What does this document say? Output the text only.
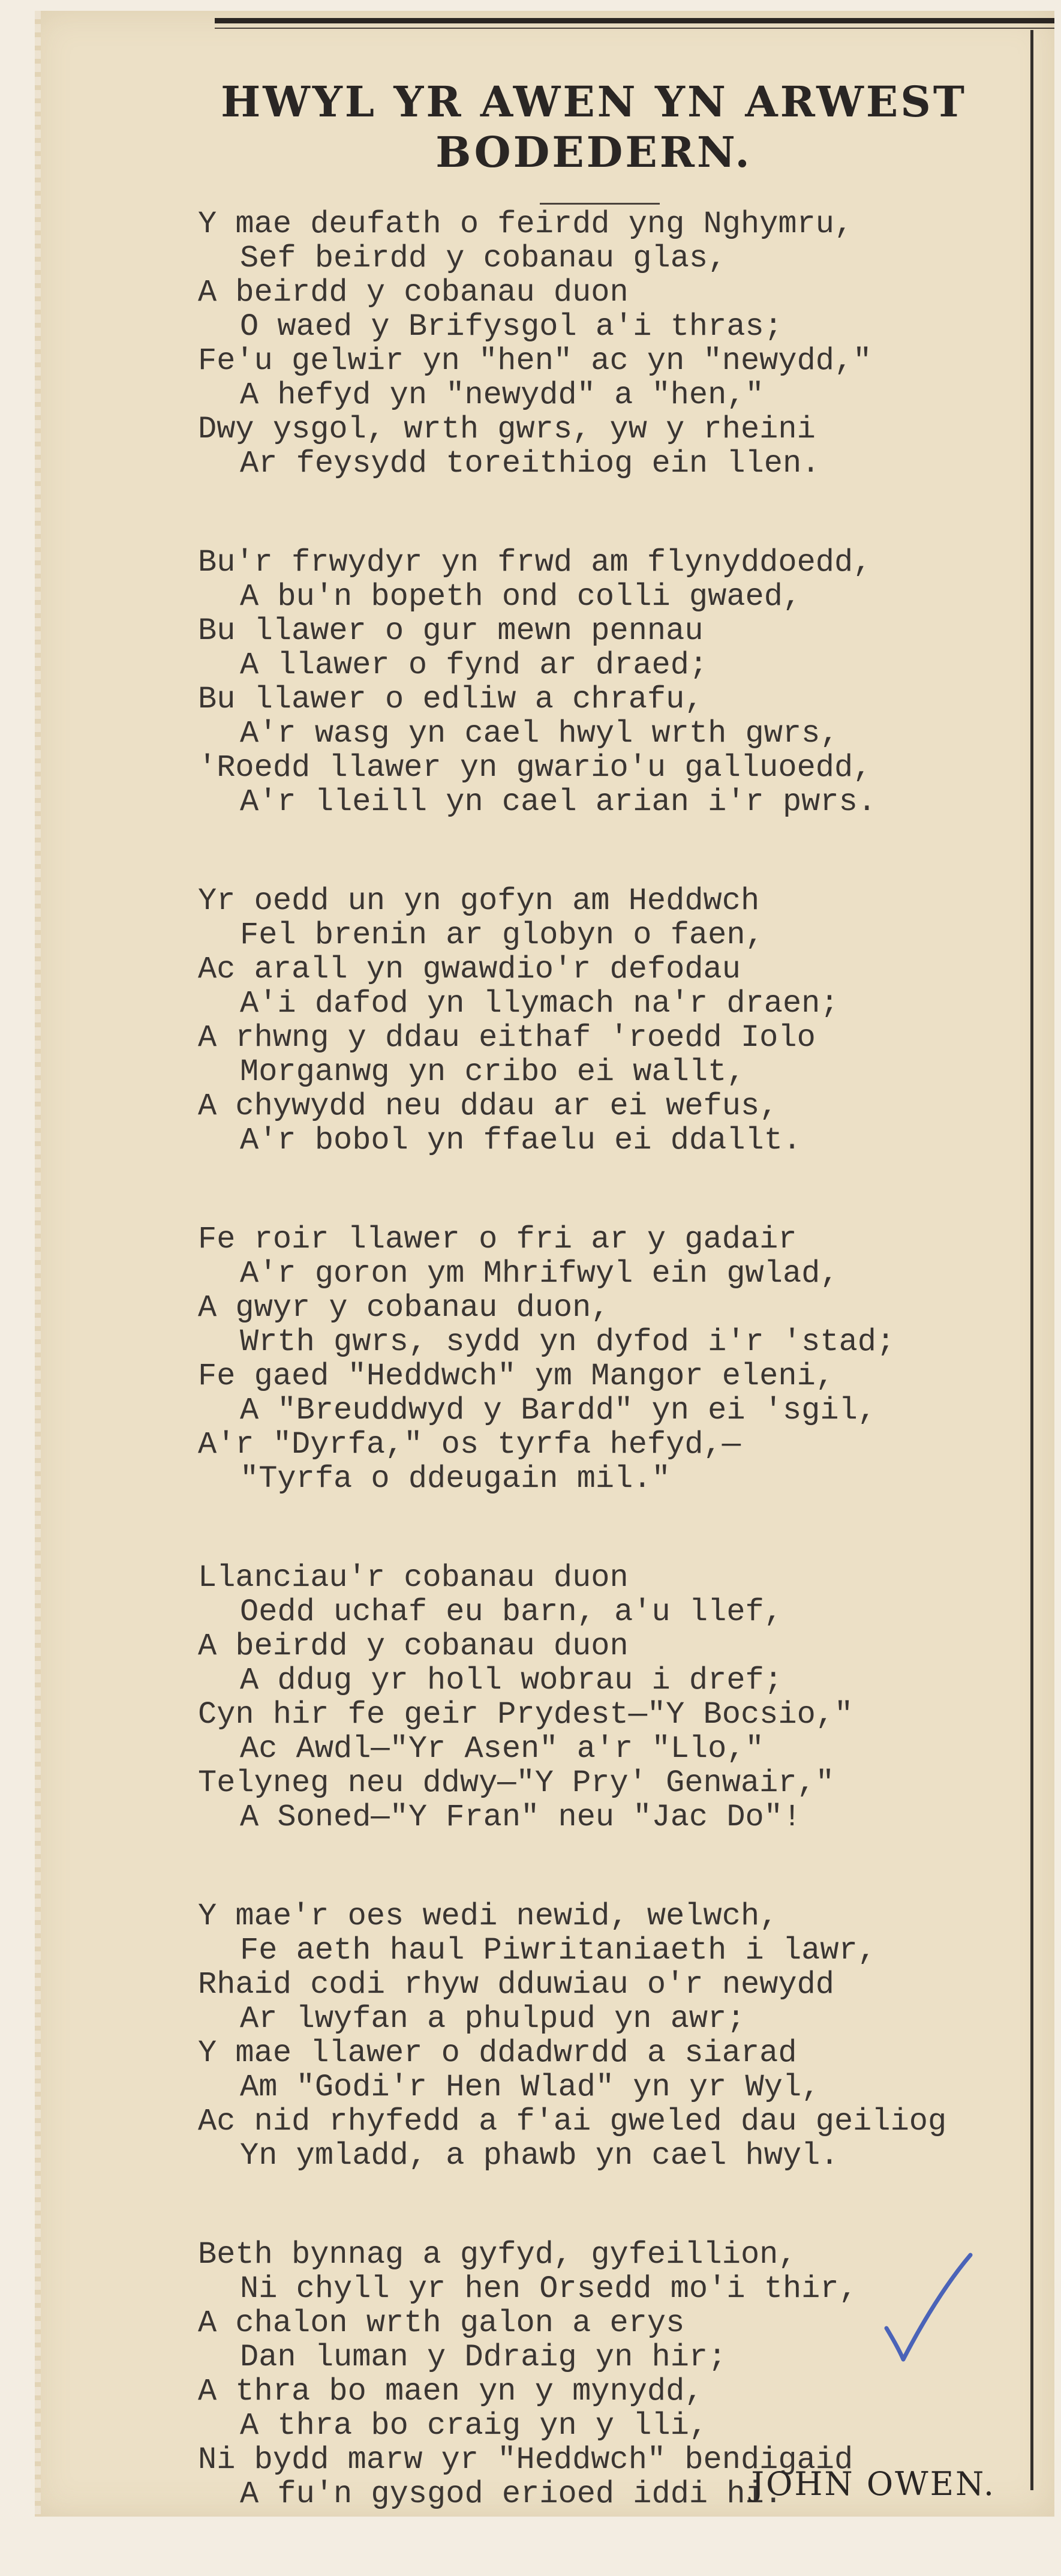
HWYL YR AWEN YN ARWEST
BODEDERN.
Y mae deufath o feirdd yng Nghymru,
Sef beirdd y cobanau glas,
A beirdd y cobanau duon
O waed y Brifysgol a'i thras;
Fe'u gelwir yn "hen" ac yn "newydd,"
A hefyd yn "newydd" a "hen,"
Dwy ysgol, wrth gwrs, yw y rheini
Ar feysydd toreithiog ein llen.
Bu'r frwydyr yn frwd am flynyddoedd,
A bu'n bopeth ond colli gwaed,
Bu llawer o gur mewn pennau
A llawer o fynd ar draed;
Bu llawer o edliw a chrafu,
A'r wasg yn cael hwyl wrth gwrs,
'Roedd llawer yn gwario'u galluoedd,
A'r lleill yn cael arian i'r pwrs.
Yr oedd un yn gofyn am Heddwch
Fel brenin ar globyn o faen,
Ac arall yn gwawdio'r defodau
A'i dafod yn llymach na'r draen;
A rhwng y ddau eithaf 'roedd Iolo
Morganwg yn cribo ei wallt,
A chywydd neu ddau ar ei wefus,
A'r bobol yn ffaelu ei ddallt.
Fe roir llawer o fri ar y gadair
A'r goron ym Mhrifwyl ein gwlad,
A gwyr y cobanau duon,
Wrth gwrs, sydd yn dyfod i'r 'stad;
Fe gaed "Heddwch" ym Mangor eleni,
A "Breuddwyd y Bardd" yn ei 'sgil,
A'r "Dyrfa," os tyrfa hefyd,—
"Tyrfa o ddeugain mil."
Llanciau'r cobanau duon
Oedd uchaf eu barn, a'u llef,
A beirdd y cobanau duon
A ddug yr holl wobrau i dref;
Cyn hir fe geir Prydest—"Y Bocsio,"
Ac Awdl—"Yr Asen" a'r "Llo,"
Telyneg neu ddwy—"Y Pry' Genwair,"
A Soned—"Y Fran" neu "Jac Do"!
Y mae'r oes wedi newid, welwch,
Fe aeth haul Piwritaniaeth i lawr,
Rhaid codi rhyw dduwiau o'r newydd
Ar lwyfan a phulpud yn awr;
Y mae llawer o ddadwrdd a siarad
Am "Godi'r Hen Wlad" yn yr Wyl,
Ac nid rhyfedd a f'ai gweled dau geiliog
Yn ymladd, a phawb yn cael hwyl.
Beth bynnag a gyfyd, gyfeillion,
Ni chyll yr hen Orsedd mo'i thir,
A chalon wrth galon a erys
Dan luman y Ddraig yn hir;
A thra bo maen yn y mynydd,
A thra bo craig yn y lli,
Ni bydd marw yr "Heddwch" bendigaid
A fu'n gysgod erioed iddi hi.
JOHN OWEN.
